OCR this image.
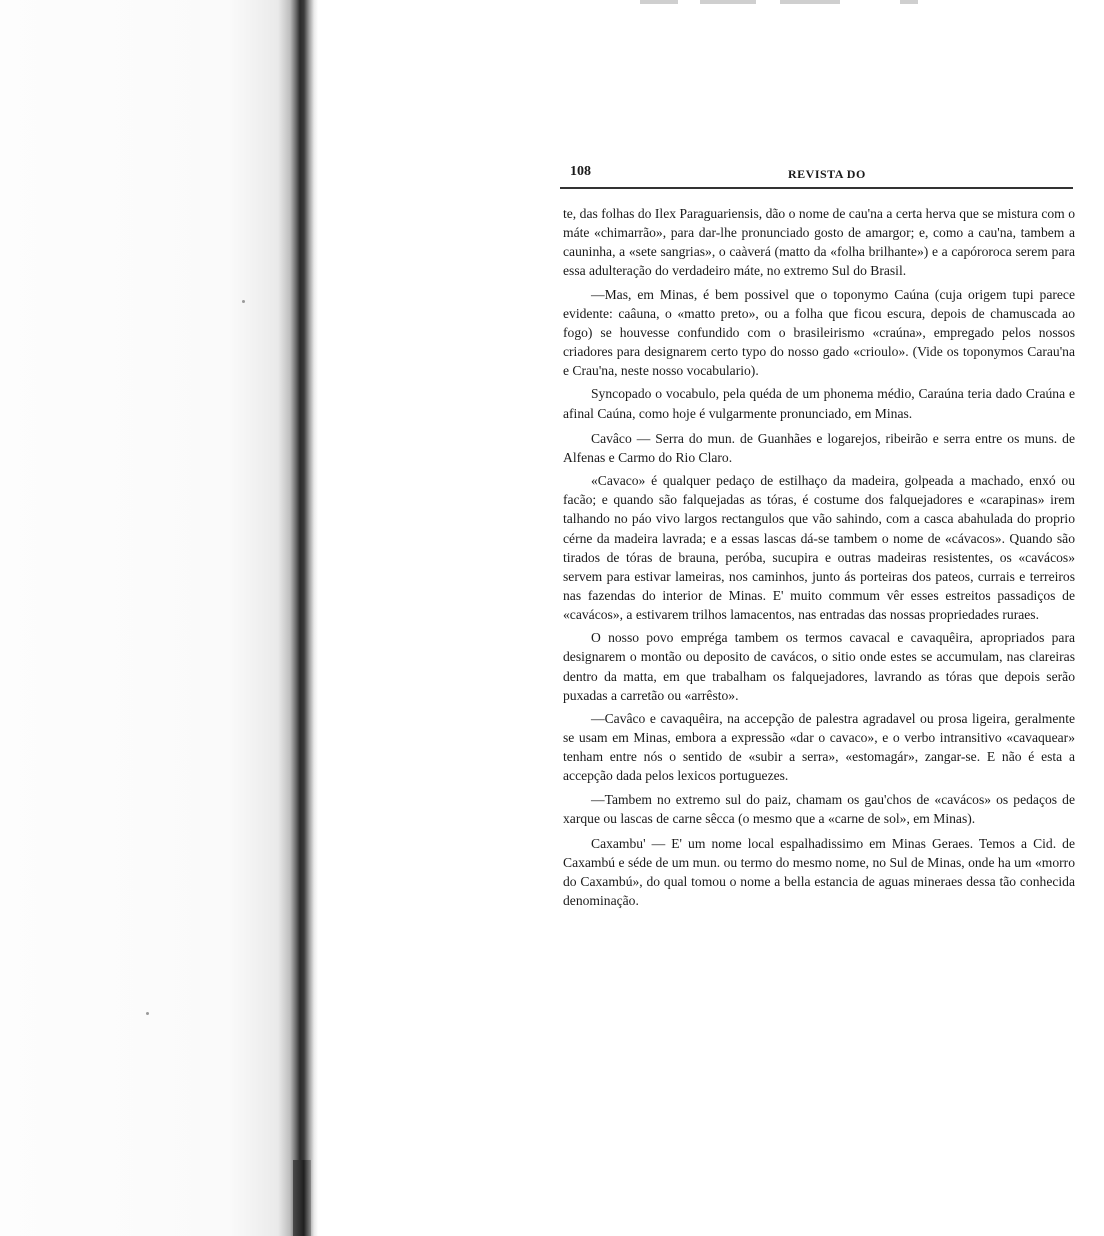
108	REVISTA DO

te, das folhas do Ilex Paraguariensis, dão o nome de cau'na a certa herva que se mistura com o máte «chimarrão», para dar-lhe pronunciado gosto de amargor; e, como a cau'na, tambem a cauninha, a «sete sangrias», o caàverá (matto da «folha brilhante») e a capóroroca serem para essa adulteração do verdadeiro máte, no extremo Sul do Brasil.

—Mas, em Minas, é bem possivel que o toponymo Caúna (cuja origem tupi parece evidente: caâuna, o «matto preto», ou a folha que ficou escura, depois de chamuscada ao fogo) se houvesse confundido com o brasileirismo «craúna», empregado pelos nossos criadores para designarem certo typo do nosso gado «crioulo». (Vide os toponymos Carau'na e Crau'na, neste nosso vocabulario).

Syncopado o vocabulo, pela quéda de um phonema médio, Caraúna teria dado Craúna e afinal Caúna, como hoje é vulgarmente pronunciado, em Minas.

Cavâco — Serra do mun. de Guanhães e logarejos, ribeirão e serra entre os muns. de Alfenas e Carmo do Rio Claro.

«Cavaco» é qualquer pedaço de estilhaço da madeira, golpeada a machado, enxó ou facão; e quando são falquejadas as tóras, é costume dos falquejadores e «carapinas» irem talhando no páo vivo largos rectangulos que vão sahindo, com a casca abahulada do proprio cérne da madeira lavrada; e a essas lascas dá-se tambem o nome de «cávacos». Quando são tirados de tóras de brauna, peróba, sucupira e outras madeiras resistentes, os «cavácos» servem para estivar lameiras, nos caminhos, junto ás porteiras dos pateos, currais e terreiros nas fazendas do interior de Minas. E' muito commum vêr esses estreitos passadiços de «cavácos», a estivarem trilhos lamacentos, nas entradas das nossas propriedades ruraes.

O nosso povo empréga tambem os termos cavacal e cavaquêira, apropriados para designarem o montão ou deposito de cavácos, o sitio onde estes se accumulam, nas clareiras dentro da matta, em que trabalham os falquejadores, lavrando as tóras que depois serão puxadas a carretão ou «arrêsto».

—Cavâco e cavaquêira, na accepção de palestra agradavel ou prosa ligeira, geralmente se usam em Minas, embora a expressão «dar o cavaco», e o verbo intransitivo «cavaquear» tenham entre nós o sentido de «subir a serra», «estomagár», zangar-se. E não é esta a accepção dada pelos lexicos portuguezes.

—Tambem no extremo sul do paiz, chamam os gau'chos de «cavácos» os pedaços de xarque ou lascas de carne sêcca (o mesmo que a «carne de sol», em Minas).

Caxambu' — E' um nome local espalhadissimo em Minas Geraes. Temos a Cid. de Caxambú e séde de um mun. ou termo do mesmo nome, no Sul de Minas, onde ha um «morro do Caxambú», do qual tomou o nome a bella estancia de aguas mineraes dessa tão conhecida denominação.
